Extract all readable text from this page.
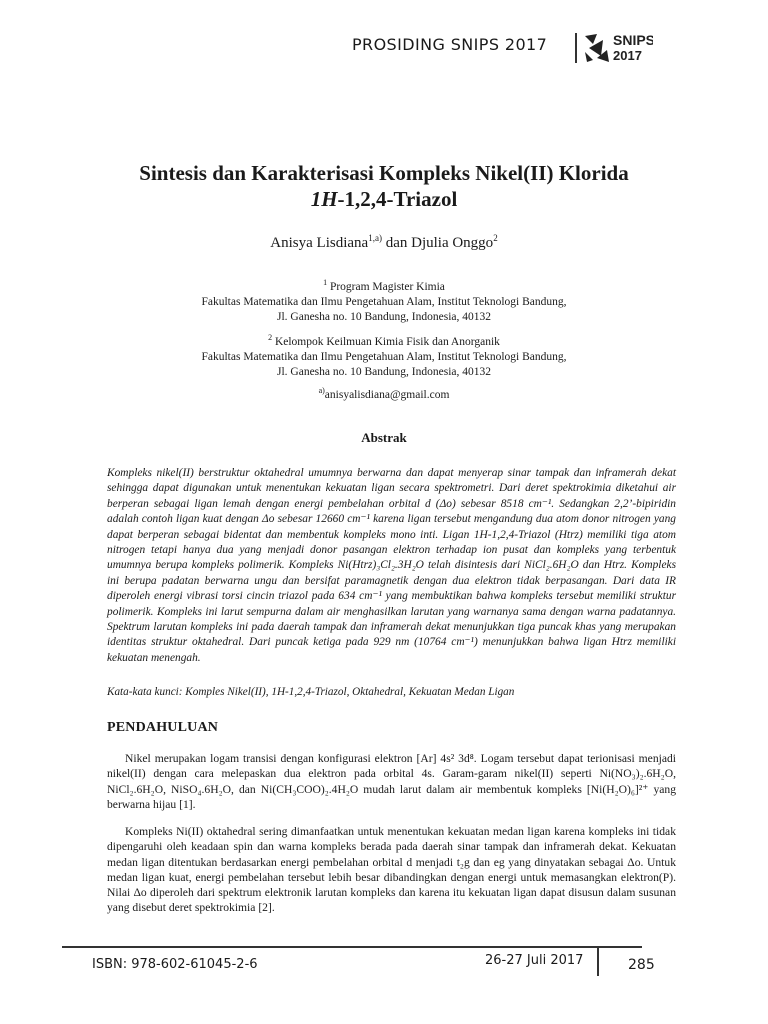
PROSIDING SNIPS 2017	SNIPS
2017
Sintesis dan Karakterisasi Kompleks Nikel(II) Klorida
1H-1,2,4-Triazol
Anisya Lisdiana$^{1,a)}$ dan Djulia Onggo$^2$
$^1$ Program Magister Kimia
Fakultas Matematika dan Ilmu Pengetahuan Alam, Institut Teknologi Bandung,
Jl. Ganesha no. 10 Bandung, Indonesia, 40132
$^2$ Kelompok Keilmuan Kimia Fisik dan Anorganik
Fakultas Matematika dan Ilmu Pengetahuan Alam, Institut Teknologi Bandung,
Jl. Ganesha no. 10 Bandung, Indonesia, 40132
$^{a)}$anisyalisdiana@gmail.com
Abstrak
Kompleks nikel(II) berstruktur oktahedral umumnya berwarna dan dapat menyerap sinar tampak dan inframerah dekat sehingga dapat digunakan untuk menentukan kekuatan ligan secara spektrometri. Dari deret spektrokimia diketahui air berperan sebagai ligan lemah dengan energi pembelahan orbital d (Δo) sebesar 8518 cm⁻¹. Sedangkan 2,2’-bipiridin adalah contoh ligan kuat dengan Δo sebesar 12660 cm⁻¹ karena ligan tersebut mengandung dua atom donor nitrogen yang dapat berperan sebagai bidentat dan membentuk kompleks mono inti. Ligan 1H-1,2,4-Triazol (Htrz) memiliki tiga atom nitrogen tetapi hanya dua yang menjadi donor pasangan elektron terhadap ion pusat dan kompleks yang terbentuk umumnya berupa kompleks polimerik. Kompleks Ni(Htrz)₃Cl₂.3H₂O telah disintesis dari NiCl₂.6H₂O dan Htrz. Kompleks ini berupa padatan berwarna ungu dan bersifat paramagnetik dengan dua elektron tidak berpasangan. Dari data IR diperoleh energi vibrasi torsi cincin triazol pada 634 cm⁻¹ yang membuktikan bahwa kompleks tersebut memiliki struktur polimerik. Kompleks ini larut sempurna dalam air menghasilkan larutan yang warnanya sama dengan warna padatannya. Spektrum larutan kompleks ini pada daerah tampak dan inframerah dekat menunjukkan tiga puncak khas yang merupakan identitas struktur oktahedral. Dari puncak ketiga pada 929 nm (10764 cm⁻¹) menunjukkan bahwa ligan Htrz memiliki kekuatan menengah.
Kata-kata kunci: Komples Nikel(II), 1H-1,2,4-Triazol, Oktahedral, Kekuatan Medan Ligan
PENDAHULUAN
Nikel merupakan logam transisi dengan konfigurasi elektron [Ar] 4s² 3d⁸. Logam tersebut dapat terionisasi menjadi nikel(II) dengan cara melepaskan dua elektron pada orbital 4s. Garam-garam nikel(II) seperti Ni(NO₃)₂.6H₂O, NiCl₂.6H₂O, NiSO₄.6H₂O, dan Ni(CH₃COO)₂.4H₂O mudah larut dalam air membentuk kompleks [Ni(H₂O)₆]²⁺ yang berwarna hijau [1].
Kompleks Ni(II) oktahedral sering dimanfaatkan untuk menentukan kekuatan medan ligan karena kompleks ini tidak dipengaruhi oleh keadaan spin dan warna kompleks berada pada daerah sinar tampak dan inframerah dekat. Kekuatan medan ligan ditentukan berdasarkan energi pembelahan orbital d menjadi t₂g dan eg yang dinyatakan sebagai Δo. Untuk medan ligan kuat, energi pembelahan tersebut lebih besar dibandingkan dengan energi untuk memasangkan elektron(P). Nilai Δo diperoleh dari spektrum elektronik larutan kompleks dan karena itu kekuatan ligan dapat disusun dalam susunan yang disebut deret spektrokimia [2].
ISBN: 978-602-61045-2-6	26-27 Juli 2017	285
